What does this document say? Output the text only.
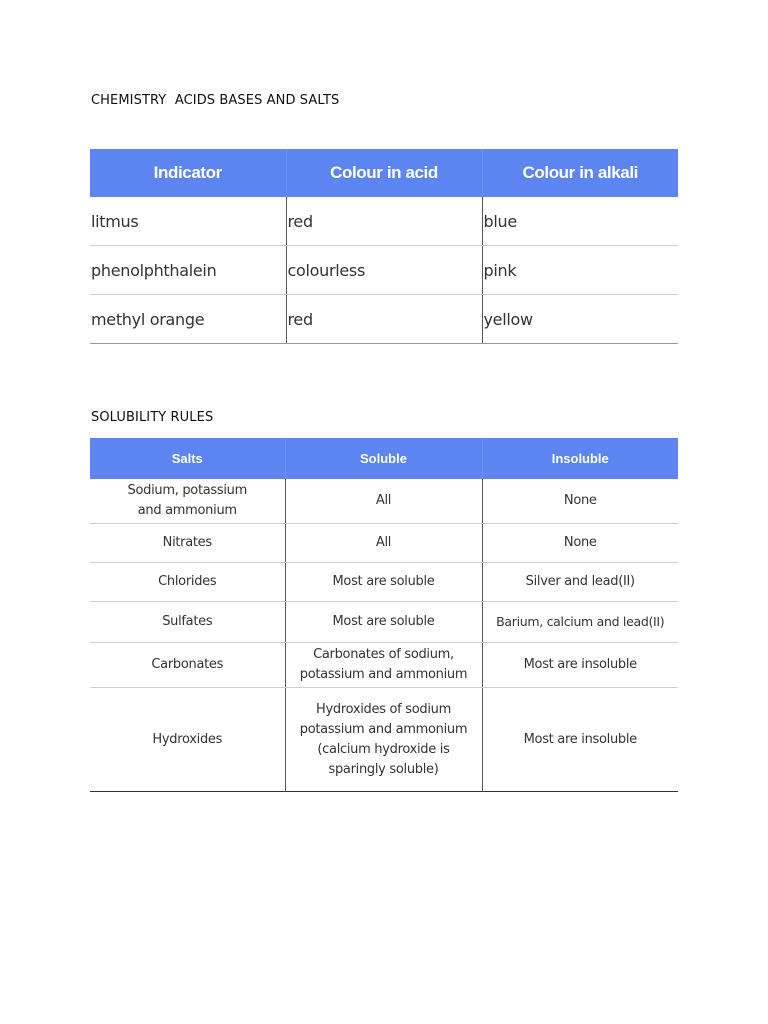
CHEMISTRY  ACIDS BASES AND SALTS
Indicator	Colour in acid	Colour in alkali
litmus	red	blue
phenolphthalein	colourless	pink
methyl orange	red	yellow
SOLUBILITY RULES
Salts	Soluble	Insoluble
Sodium, potassium and ammonium	All	None
Nitrates	All	None
Chlorides	Most are soluble	Silver and lead(II)
Sulfates	Most are soluble	Barium, calcium and lead(II)
Carbonates	Carbonates of sodium, potassium and ammonium	Most are insoluble
Hydroxides	Hydroxides of sodium potassium and ammonium (calcium hydroxide is sparingly soluble)	Most are insoluble
